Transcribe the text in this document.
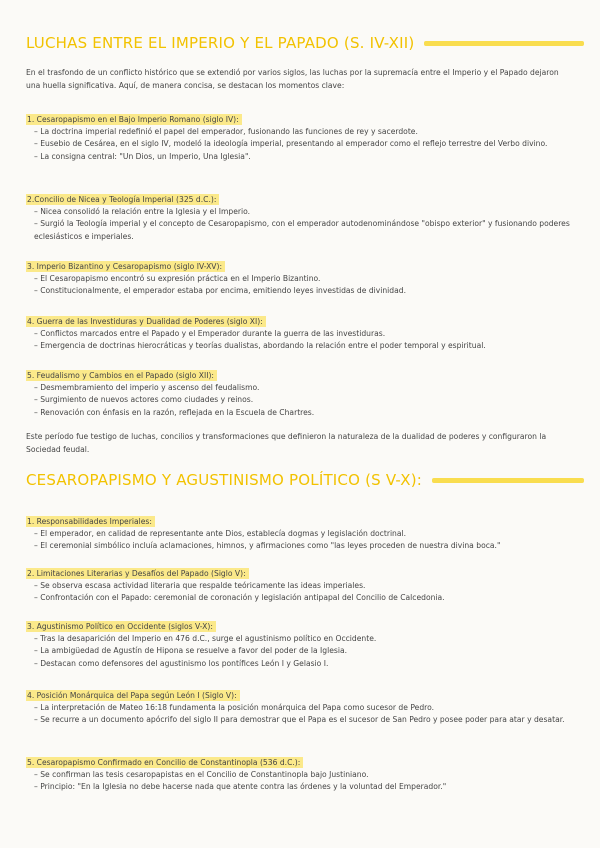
LUCHAS ENTRE EL IMPERIO Y EL PAPADO (S. IV-XII)
En el trasfondo de un conflicto histórico que se extendió por varios siglos, las luchas por la supremacía entre el Imperio y el Papado dejaron una huella significativa. Aquí, de manera concisa, se destacan los momentos clave:
1. Cesaropapismo en el Bajo Imperio Romano (siglo IV):
– La doctrina imperial redefinió el papel del emperador, fusionando las funciones de rey y sacerdote.
– Eusebio de Cesárea, en el siglo IV, modeló la ideología imperial, presentando al emperador como el reflejo terrestre del Verbo divino.
– La consigna central: "Un Dios, un Imperio, Una Iglesia".
2.Concilio de Nicea y Teología Imperial (325 d.C.):
– Nicea consolidó la relación entre la Iglesia y el Imperio.
– Surgió la Teología imperial y el concepto de Cesaropapismo, con el emperador autodenominándose "obispo exterior" y fusionando poderes eclesiásticos e imperiales.
3. Imperio Bizantino y Cesaropapismo (siglo IV-XV):
– El Cesaropapismo encontró su expresión práctica en el Imperio Bizantino.
– Constitucionalmente, el emperador estaba por encima, emitiendo leyes investidas de divinidad.
4. Guerra de las Investiduras y Dualidad de Poderes (siglo XI):
– Conflictos marcados entre el Papado y el Emperador durante la guerra de las investiduras.
– Emergencia de doctrinas hierocráticas y teorías dualistas, abordando la relación entre el poder temporal y espiritual.
5. Feudalismo y Cambios en el Papado (siglo XII):
– Desmembramiento del imperio y ascenso del feudalismo.
– Surgimiento de nuevos actores como ciudades y reinos.
– Renovación con énfasis en la razón, reflejada en la Escuela de Chartres.
Este período fue testigo de luchas, concilios y transformaciones que definieron la naturaleza de la dualidad de poderes y configuraron la Sociedad feudal.
CESAROPAPISMO Y AGUSTINISMO POLÍTICO (S V-X):
1. Responsabilidades Imperiales:
– El emperador, en calidad de representante ante Dios, establecía dogmas y legislación doctrinal.
– El ceremonial simbólico incluía aclamaciones, himnos, y afirmaciones como "las leyes proceden de nuestra divina boca."
2. Limitaciones Literarias y Desafíos del Papado (Siglo V):
– Se observa escasa actividad literaria que respalde teóricamente las ideas imperiales.
– Confrontación con el Papado: ceremonial de coronación y legislación antipapal del Concilio de Calcedonia.
3. Agustinismo Político en Occidente (siglos V-X):
– Tras la desaparición del Imperio en 476 d.C., surge el agustinismo político en Occidente.
– La ambigüedad de Agustín de Hipona se resuelve a favor del poder de la Iglesia.
– Destacan como defensores del agustinismo los pontífices León I y Gelasio I.
4. Posición Monárquica del Papa según León I (Siglo V):
– La interpretación de Mateo 16:18 fundamenta la posición monárquica del Papa como sucesor de Pedro.
– Se recurre a un documento apócrifo del siglo II para demostrar que el Papa es el sucesor de San Pedro y posee poder para atar y desatar.
5. Cesaropapismo Confirmado en Concilio de Constantinopla (536 d.C.):
– Se confirman las tesis cesaropapistas en el Concilio de Constantinopla bajo Justiniano.
– Principio: "En la Iglesia no debe hacerse nada que atente contra las órdenes y la voluntad del Emperador."
